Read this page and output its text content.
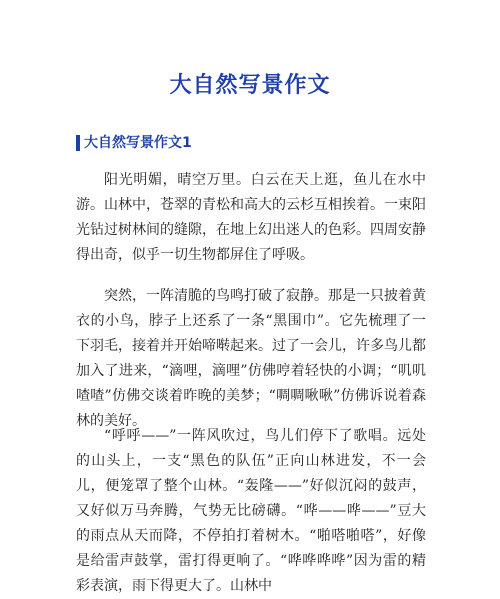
大自然写景作文
大自然写景作文1

阳光明媚，晴空万里。白云在天上逛，鱼儿在水中游。山林中，苍翠的青松和高大的云杉互相挨着。一束阳光钻过树林间的缝隙，在地上幻出迷人的色彩。四周安静得出奇，似乎一切生物都屏住了呼吸。

突然，一阵清脆的鸟鸣打破了寂静。那是一只披着黄衣的小鸟，脖子上还系了一条“黑围巾”。它先梳理了一下羽毛，接着并开始啼啭起来。过了一会儿，许多鸟儿都加入了进来，“滴哩，滴哩”仿佛哼着轻快的小调；“叽叽喳喳”仿佛交谈着昨晚的美梦；“啁啁啾啾”仿佛诉说着森林的美好。

“呼呼——”一阵风吹过，鸟儿们停下了歌唱。远处的山头上，一支“黑色的队伍”正向山林进发，不一会儿，便笼罩了整个山林。“轰隆——”好似沉闷的鼓声，又好似万马奔腾，气势无比磅礴。“哗——哗——”豆大的雨点从天而降，不停拍打着树木。“啪嗒啪嗒”，好像是给雷声鼓掌，雷打得更响了。“哗哗哗哗”因为雷的精彩表演，雨下得更大了。山林中
